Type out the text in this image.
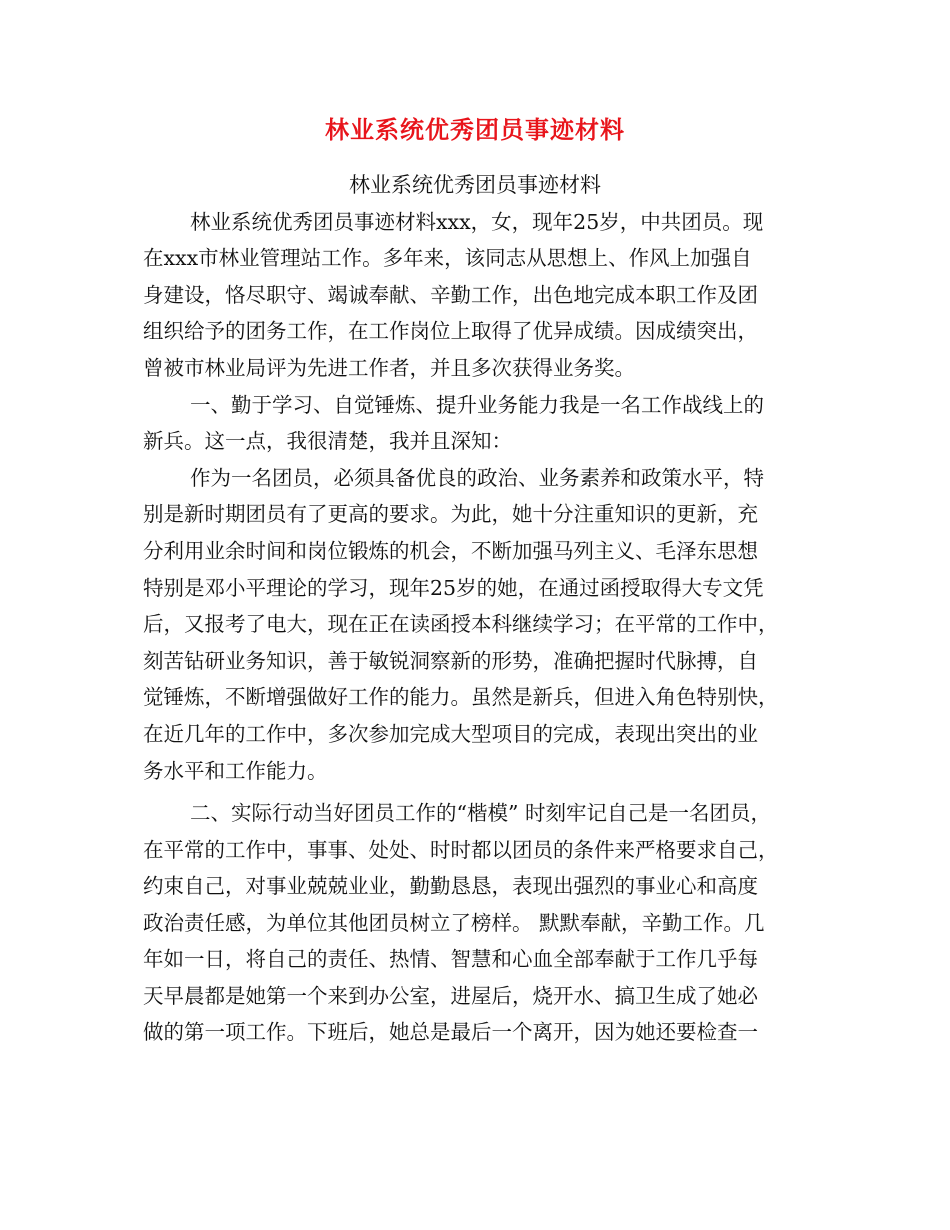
林业系统优秀团员事迹材料
林业系统优秀团员事迹材料
林业系统优秀团员事迹材料xxx，女，现年25岁，中共团员。现
在xxx市林业管理站工作。多年来，该同志从思想上、作风上加强自
身建设，恪尽职守、竭诚奉献、辛勤工作，出色地完成本职工作及团
组织给予的团务工作，在工作岗位上取得了优异成绩。因成绩突出，
曾被市林业局评为先进工作者，并且多次获得业务奖。
一、勤于学习、自觉锤炼、提升业务能力我是一名工作战线上的
新兵。这一点，我很清楚，我并且深知：
作为一名团员，必须具备优良的政治、业务素养和政策水平，特
别是新时期团员有了更高的要求。为此，她十分注重知识的更新，充
分利用业余时间和岗位锻炼的机会，不断加强马列主义、毛泽东思想
特别是邓小平理论的学习，现年25岁的她，在通过函授取得大专文凭
后，又报考了电大，现在正在读函授本科继续学习；在平常的工作中，
刻苦钻研业务知识，善于敏锐洞察新的形势，准确把握时代脉搏，自
觉锤炼，不断增强做好工作的能力。虽然是新兵，但进入角色特别快，
在近几年的工作中，多次参加完成大型项目的完成，表现出突出的业
务水平和工作能力。
二、实际行动当好团员工作的“楷模” 时刻牢记自己是一名团员，
在平常的工作中，事事、处处、时时都以团员的条件来严格要求自己，
约束自己，对事业兢兢业业，勤勤恳恳，表现出强烈的事业心和高度
政治责任感，为单位其他团员树立了榜样。 默默奉献，辛勤工作。几
年如一日，将自己的责任、热情、智慧和心血全部奉献于工作几乎每
天早晨都是她第一个来到办公室，进屋后，烧开水、搞卫生成了她必
做的第一项工作。下班后，她总是最后一个离开，因为她还要检查一
